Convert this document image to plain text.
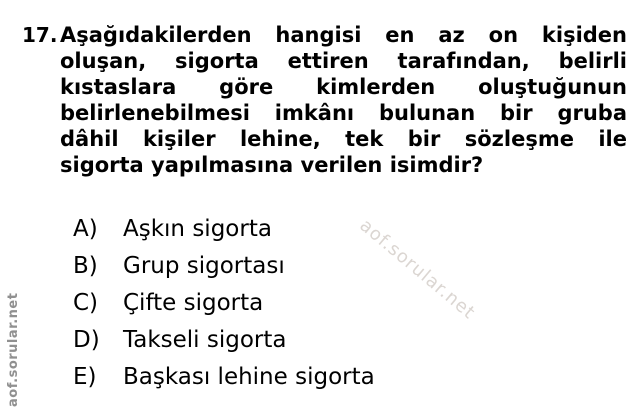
17. Aşağıdakilerden hangisi en az on kişiden
oluşan, sigorta ettiren tarafından, belirli
kıstaslara göre kimlerden oluştuğunun
belirlenebilmesi imkânı bulunan bir gruba
dâhil kişiler lehine, tek bir sözleşme ile
sigorta yapılmasına verilen isimdir?
A)	Aşkın sigorta
B)	Grup sigortası
C)	Çifte sigorta
D)	Takseli sigorta
E)	Başkası lehine sigorta
aof.sorular.net
aof.sorular.net
